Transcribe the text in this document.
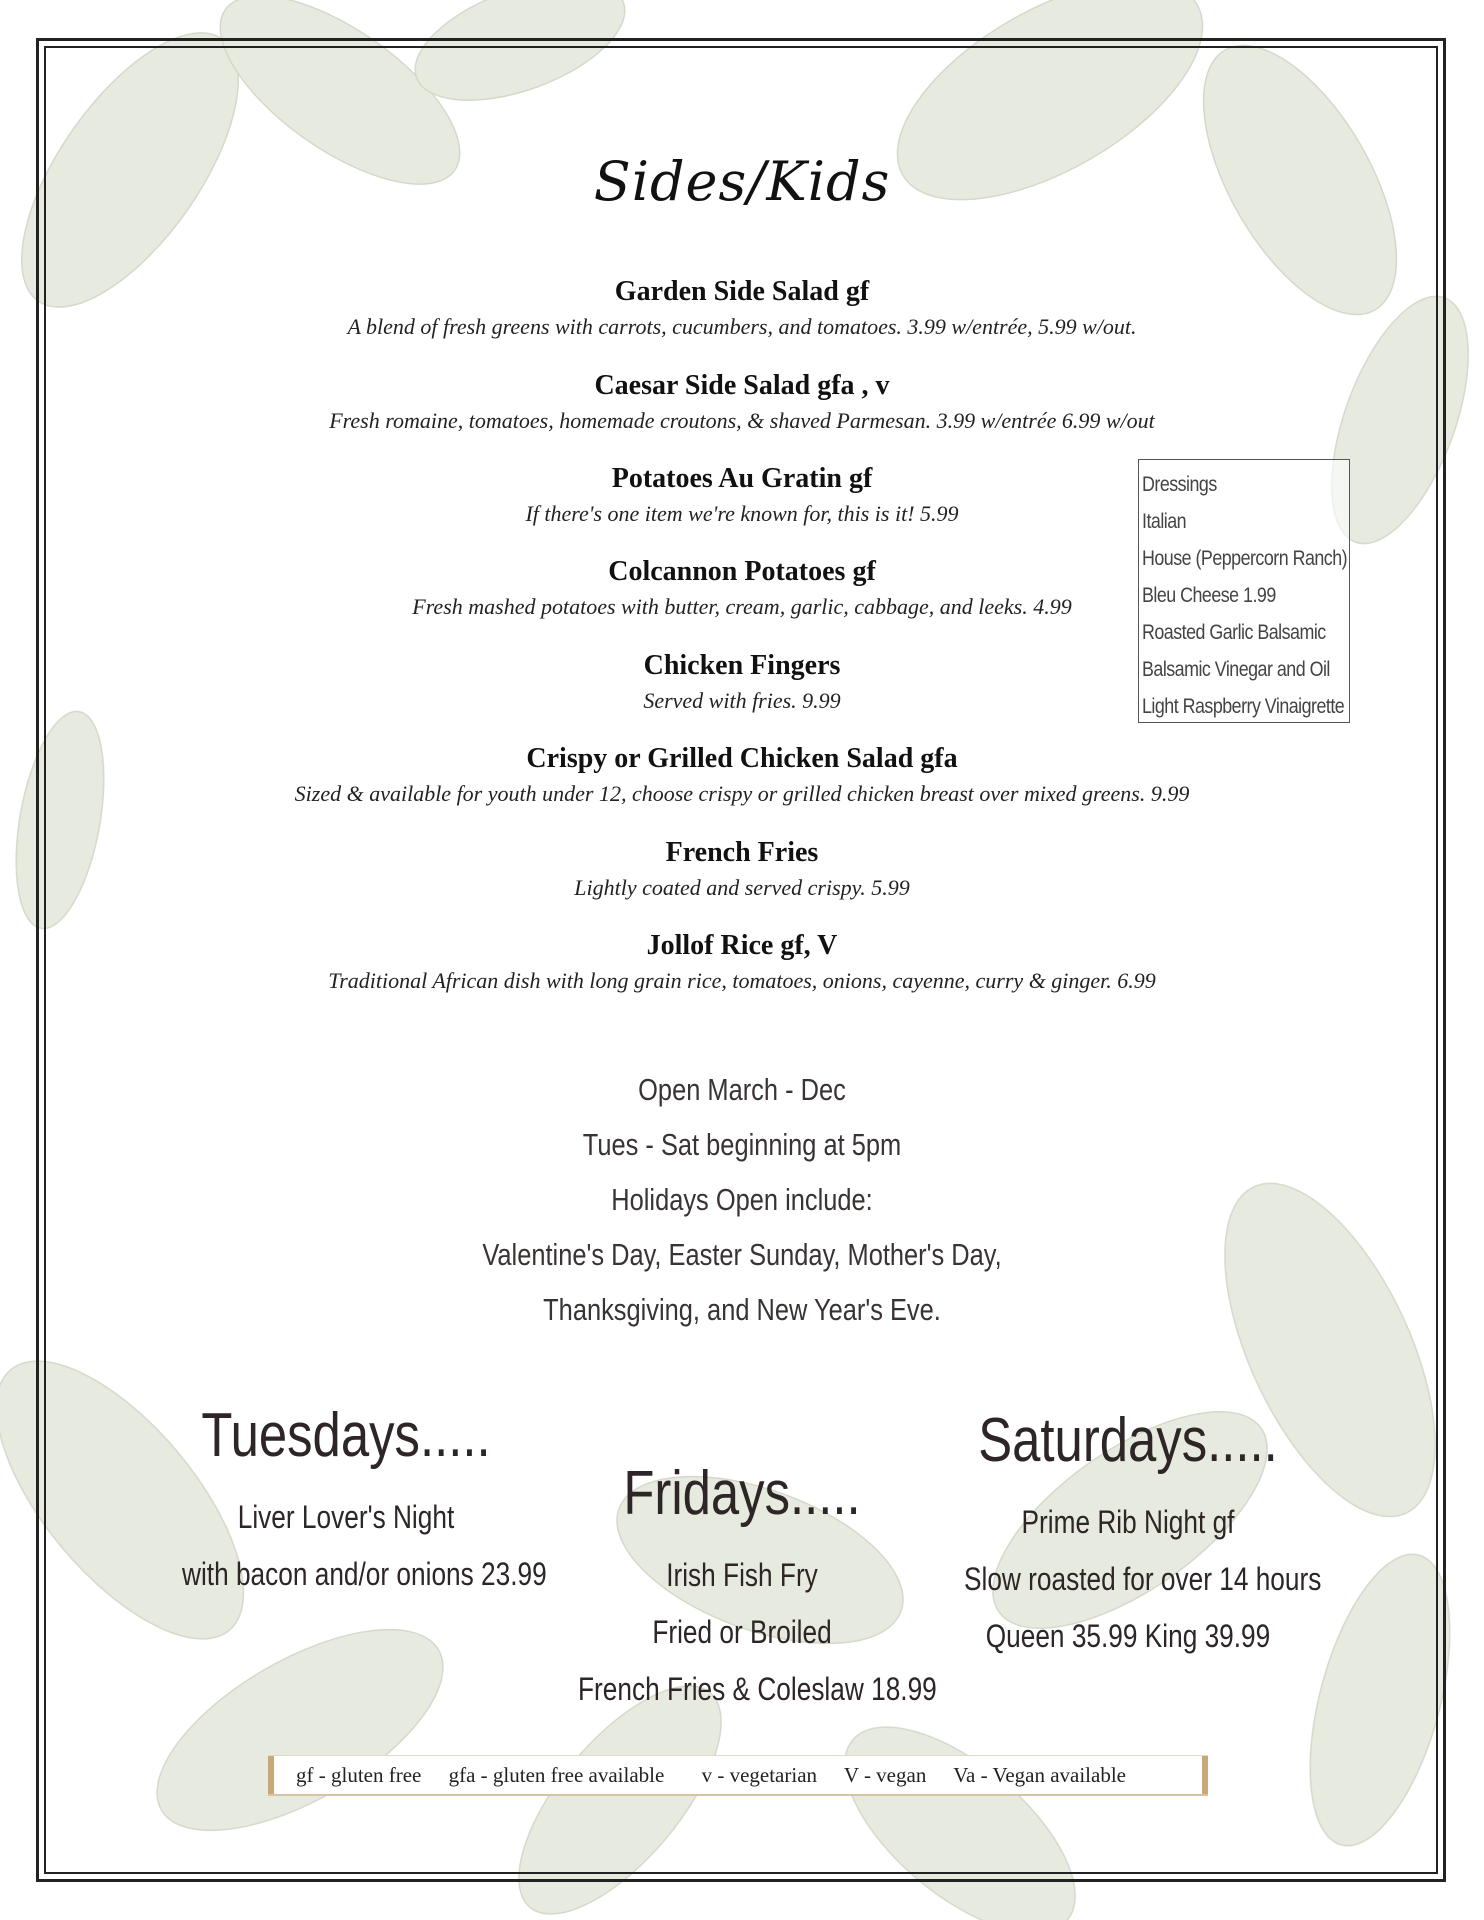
Sides/Kids
Garden Side Salad gf
A blend of fresh greens with carrots, cucumbers, and tomatoes. 3.99 w/entrée, 5.99 w/out.
Caesar Side Salad gfa , v
Fresh romaine, tomatoes, homemade croutons, & shaved Parmesan. 3.99 w/entrée 6.99 w/out
Potatoes Au Gratin gf
If there's one item we're known for, this is it! 5.99
Colcannon Potatoes gf
Fresh mashed potatoes with butter, cream, garlic, cabbage, and leeks. 4.99
Chicken Fingers
Served with fries. 9.99
Crispy or Grilled Chicken Salad gfa
Sized & available for youth under 12, choose crispy or grilled chicken breast over mixed greens. 9.99
French Fries
Lightly coated and served crispy. 5.99
Jollof Rice gf, V
Traditional African dish with long grain rice, tomatoes, onions, cayenne, curry & ginger. 6.99
Dressings
Italian
House (Peppercorn Ranch)
Bleu Cheese 1.99
Roasted Garlic Balsamic
Balsamic Vinegar and Oil
Light Raspberry Vinaigrette
Open March - Dec
Tues - Sat beginning at 5pm
Holidays Open include:
Valentine's Day, Easter Sunday, Mother's Day,
Thanksgiving, and New Year's Eve.
Tuesdays.....
Liver Lover's Night
with bacon and/or onions 23.99
Fridays.....
Irish Fish Fry
Fried or Broiled
French Fries & Coleslaw 18.99
Saturdays.....
Prime Rib Night gf
Slow roasted for over 14 hours
Queen 35.99 King 39.99
gf - gluten free gfa - gluten free available v - vegetarian V - vegan Va - Vegan available
